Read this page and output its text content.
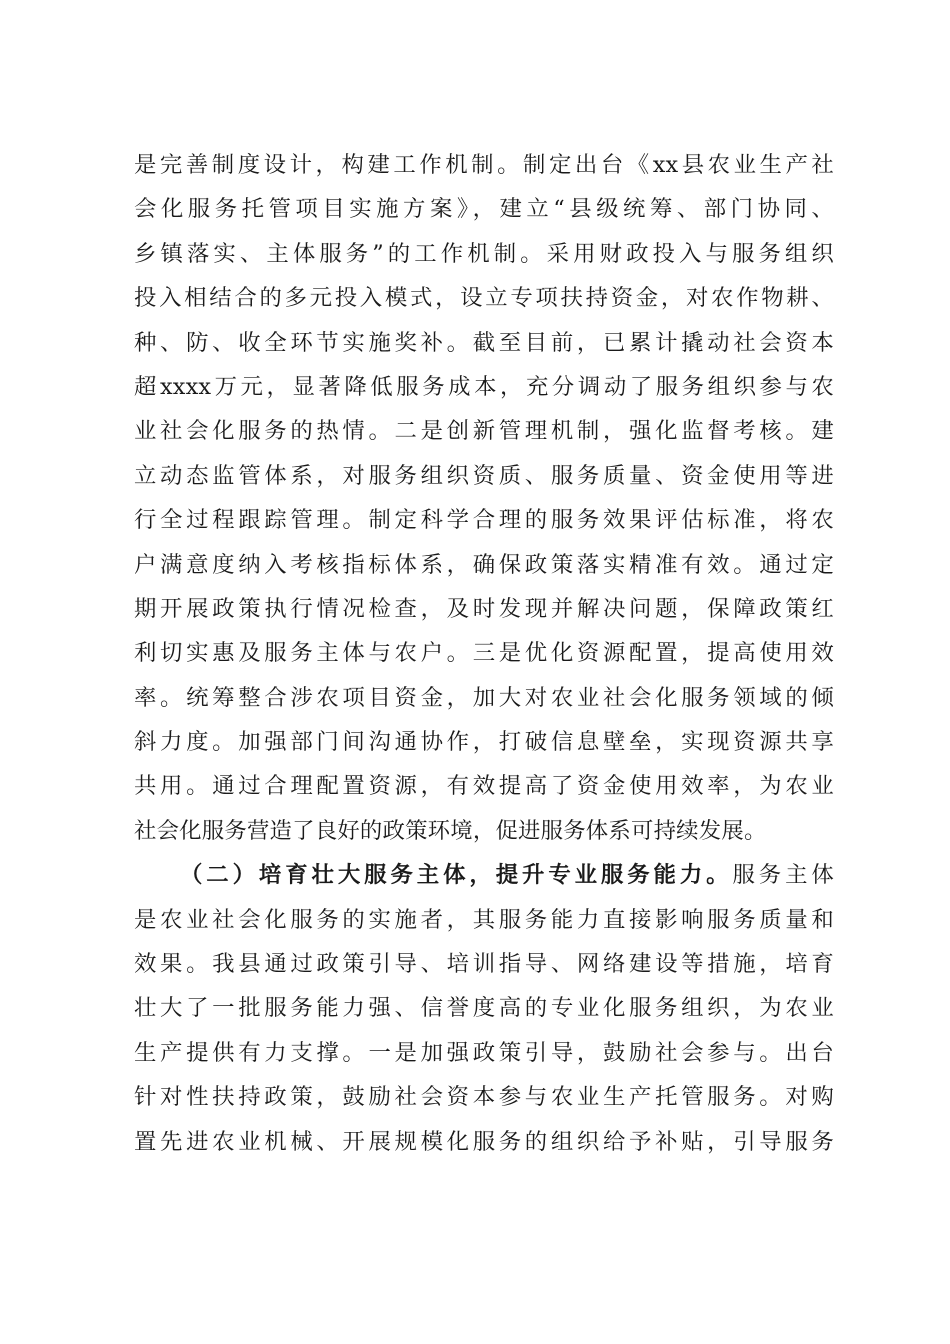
是完善制度设计，构建工作机制。制定出台《xx县农业生产社
会化服务托管项目实施方案》，建立“县级统筹、部门协同、
乡镇落实、主体服务”的工作机制。采用财政投入与服务组织
投入相结合的多元投入模式，设立专项扶持资金，对农作物耕、
种、防、收全环节实施奖补。截至目前，已累计撬动社会资本
超xxxx万元，显著降低服务成本，充分调动了服务组织参与农
业社会化服务的热情。二是创新管理机制，强化监督考核。建
立动态监管体系，对服务组织资质、服务质量、资金使用等进
行全过程跟踪管理。制定科学合理的服务效果评估标准，将农
户满意度纳入考核指标体系，确保政策落实精准有效。通过定
期开展政策执行情况检查，及时发现并解决问题，保障政策红
利切实惠及服务主体与农户。三是优化资源配置，提高使用效
率。统筹整合涉农项目资金，加大对农业社会化服务领域的倾
斜力度。加强部门间沟通协作，打破信息壁垒，实现资源共享
共用。通过合理配置资源，有效提高了资金使用效率，为农业
社会化服务营造了良好的政策环境，促进服务体系可持续发展。
（二）培育壮大服务主体，提升专业服务能力。服务主体
是农业社会化服务的实施者，其服务能力直接影响服务质量和
效果。我县通过政策引导、培训指导、网络建设等措施，培育
壮大了一批服务能力强、信誉度高的专业化服务组织，为农业
生产提供有力支撑。一是加强政策引导，鼓励社会参与。出台
针对性扶持政策，鼓励社会资本参与农业生产托管服务。对购
置先进农业机械、开展规模化服务的组织给予补贴，引导服务
